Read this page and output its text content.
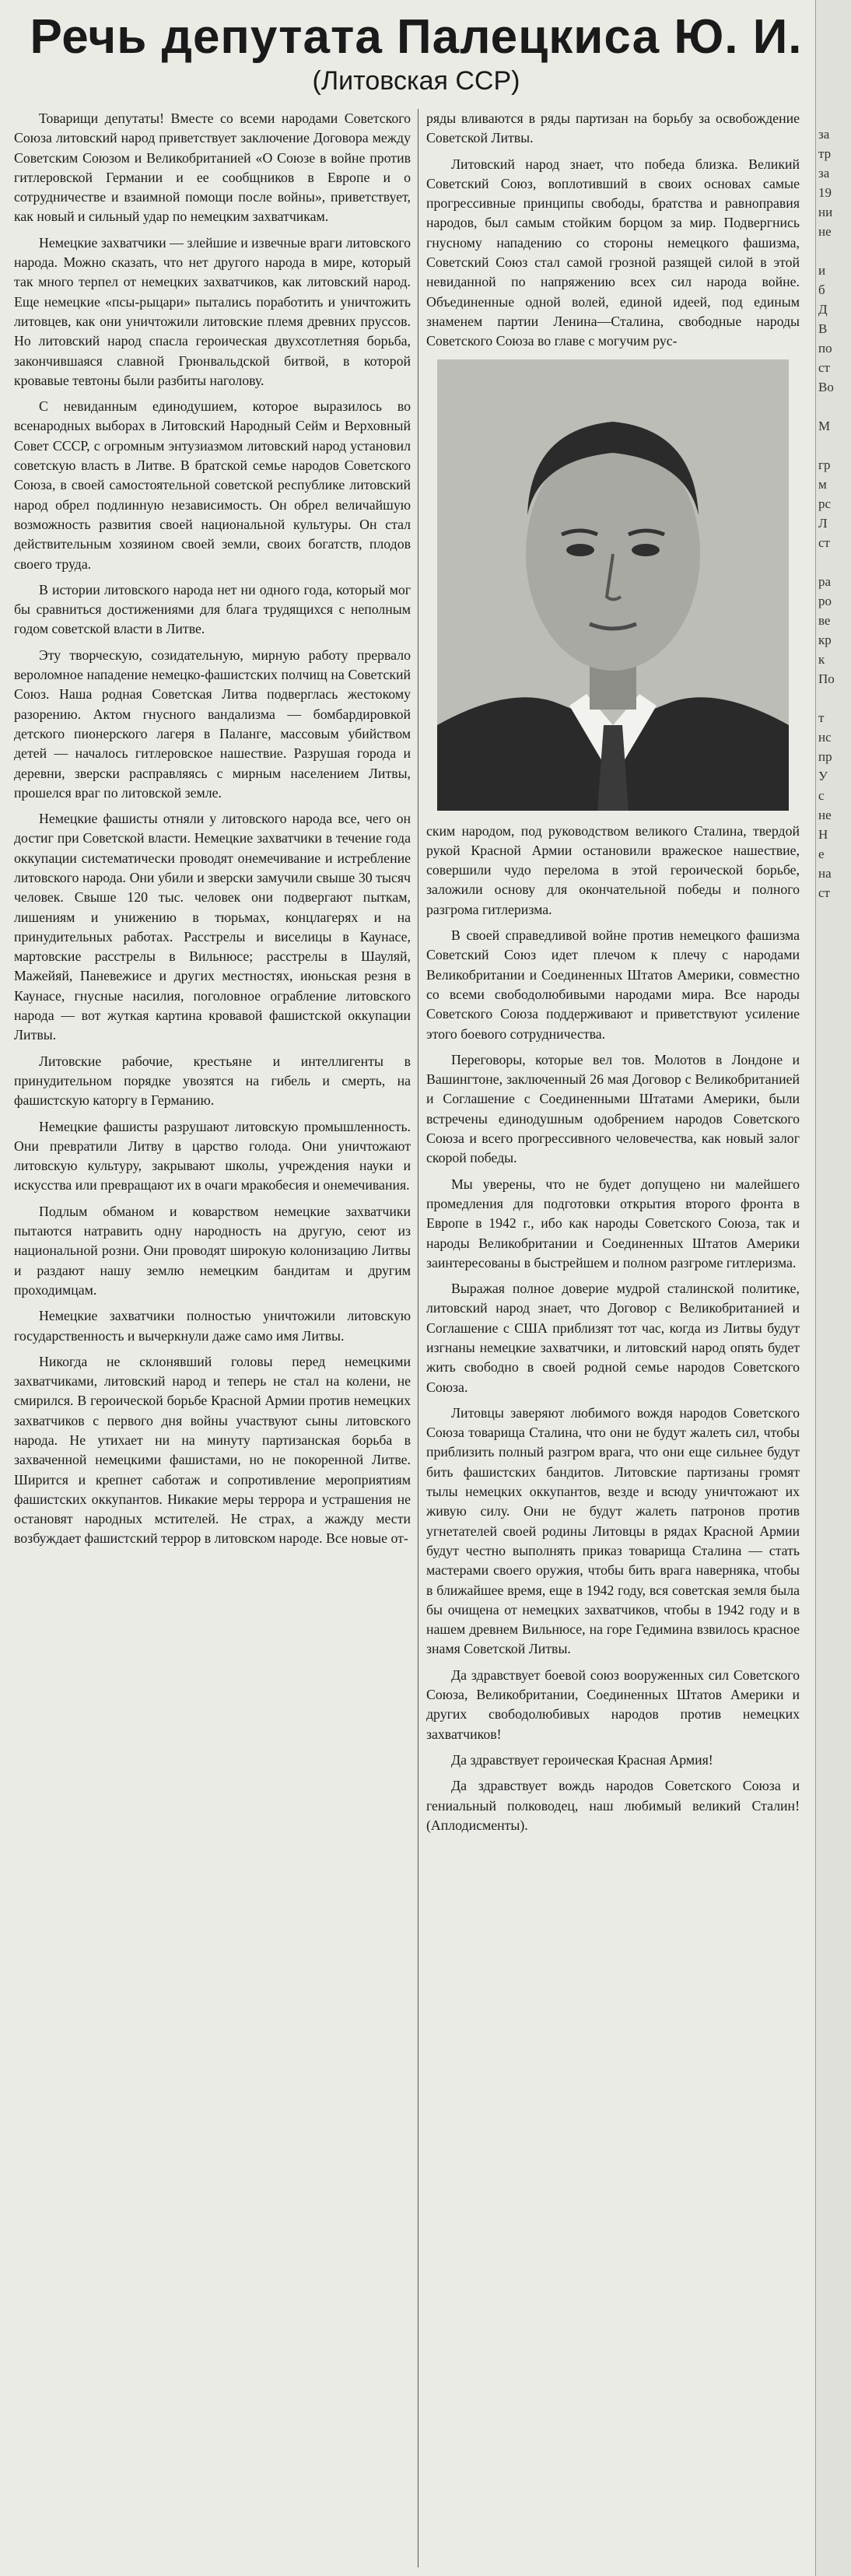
Речь депутата Палецкиса Ю. И.
(Литовская ССР)

Товарищи депутаты! Вместе со всеми народами Советского Союза литовский народ приветствует заключение Договора между Советским Союзом и Великобританией «О Союзе в войне против гитлеровской Германии и ее сообщников в Европе и о сотрудничестве и взаимной помощи после войны», приветствует, как новый и сильный удар по немецким захватчикам.

Немецкие захватчики — злейшие и извечные враги литовского народа. Можно сказать, что нет другого народа в мире, который так много терпел от немецких захватчиков, как литовский народ. Еще немецкие «псы-рыцари» пытались поработить и уничтожить литовцев, как они уничтожили литовские племя древних пруссов. Но литовский народ спасла героическая двухсотлетняя борьба, закончившаяся славной Грюнвальдской битвой, в которой кровавые тевтоны были разбиты наголову.

С невиданным единодушием, которое выразилось во всенародных выборах в Литовский Народный Сейм и Верховный Совет СССР, с огромным энтузиазмом литовский народ установил советскую власть в Литве. В братской семье народов Советского Союза, в своей самостоятельной советской республике литовский народ обрел подлинную независимость. Он обрел величайшую возможность развития своей национальной культуры. Он стал действительным хозяином своей земли, своих богатств, плодов своего труда.

В истории литовского народа нет ни одного года, который мог бы сравниться достижениями для блага трудящихся с неполным годом советской власти в Литве.

Эту творческую, созидательную, мирную работу прервало вероломное нападение немецко-фашистских полчищ на Советский Союз. Наша родная Советская Литва подверглась жестокому разорению. Актом гнусного вандализма — бомбардировкой детского пионерского лагеря в Паланге, массовым убийством детей — началось гитлеровское нашествие. Разрушая города и деревни, зверски расправляясь с мирным населением Литвы, прошелся враг по литовской земле.

Немецкие фашисты отняли у литовского народа все, чего он достиг при Советской власти. Немецкие захватчики в течение года оккупации систематически проводят онемечивание и истребление литовского народа. Они убили и зверски замучили свыше 30 тысяч человек. Свыше 120 тыс. человек они подвергают пыткам, лишениям и унижению в тюрьмах, концлагерях и на принудительных работах. Расстрелы и виселицы в Каунасе, мартовские расстрелы в Вильнюсе; расстрелы в Шауляй, Мажейяй, Паневежисе и других местностях, июньская резня в Каунасе, гнусные насилия, поголовное ограбление литовского народа — вот жуткая картина кровавой фашистской оккупации Литвы.

Литовские рабочие, крестьяне и интеллигенты в принудительном порядке увозятся на гибель и смерть, на фашистскую каторгу в Германию.

Немецкие фашисты разрушают литовскую промышленность. Они превратили Литву в царство голода. Они уничтожают литовскую культуру, закрывают школы, учреждения науки и искусства или превращают их в очаги мракобесия и онемечивания.

Подлым обманом и коварством немецкие захватчики пытаются натравить одну народность на другую, сеют из национальной розни. Они проводят широкую колонизацию Литвы и раздают нашу землю немецким бандитам и другим проходимцам.

Немецкие захватчики полностью уничтожили литовскую государственность и вычеркнули даже само имя Литвы.

Никогда не склонявший головы перед немецкими захватчиками, литовский народ и теперь не стал на колени, не смирился. В героической борьбе Красной Армии против немецких захватчиков с первого дня войны участвуют сыны литовского народа. Не утихает ни на минуту партизанская борьба в захваченной немецкими фашистами, но не покоренной Литве. Ширится и крепнет саботаж и сопротивление мероприятиям фашистских оккупантов. Никакие меры террора и устрашения не остановят народных мстителей. Не страх, а жажду мести возбуждает фашистский террор в литовском народе. Все новые от-

ряды вливаются в ряды партизан на борьбу за освобождение Советской Литвы.

Литовский народ знает, что победа близка. Великий Советский Союз, воплотивший в своих основах самые прогрессивные принципы свободы, братства и равноправия народов, был самым стойким борцом за мир. Подвергнись гнусному нападению со стороны немецкого фашизма, Советский Союз стал самой грозной разящей силой в этой невиданной по напряжению всех сил народа войне. Объединенные одной волей, единой идеей, под единым знаменем партии Ленина—Сталина, свободные народы Советского Союза во главе с могучим рус-

ским народом, под руководством великого Сталина, твердой рукой Красной Армии остановили вражеское нашествие, совершили чудо перелома в этой героической борьбе, заложили основу для окончательной победы и полного разгрома гитлеризма.

В своей справедливой войне против немецкого фашизма Советский Союз идет плечом к плечу с народами Великобритании и Соединенных Штатов Америки, совместно со всеми свободолюбивыми народами мира. Все народы Советского Союза поддерживают и приветствуют усиление этого боевого сотрудничества.

Переговоры, которые вел тов. Молотов в Лондоне и Вашингтоне, заключенный 26 мая Договор с Великобританией и Соглашение с Соединенными Штатами Америки, были встречены единодушным одобрением народов Советского Союза и всего прогрессивного человечества, как новый залог скорой победы.

Мы уверены, что не будет допущено ни малейшего промедления для подготовки открытия второго фронта в Европе в 1942 г., ибо как народы Советского Союза, так и народы Великобритании и Соединенных Штатов Америки заинтересованы в быстрейшем и полном разгроме гитлеризма.

Выражая полное доверие мудрой сталинской политике, литовский народ знает, что Договор с Великобританией и Соглашение с США приблизят тот час, когда из Литвы будут изгнаны немецкие захватчики, и литовский народ опять будет жить свободно в своей родной семье народов Советского Союза.

Литовцы заверяют любимого вождя народов Советского Союза товарища Сталина, что они не будут жалеть сил, чтобы приблизить полный разгром врага, что они еще сильнее будут бить фашистских бандитов. Литовские партизаны громят тылы немецких оккупантов, везде и всюду уничтожают их живую силу. Они не будут жалеть патронов против угнетателей своей родины Литовцы в рядах Красной Армии будут честно выполнять приказ товарища Сталина — стать мастерами своего оружия, чтобы бить врага наверняка, чтобы в ближайшее время, еще в 1942 году, вся советская земля была бы очищена от немецких захватчиков, чтобы в 1942 году и в нашем древнем Вильнюсе, на горе Гедимина взвилось красное знамя Советской Литвы.

Да здравствует боевой союз вооруженных сил Советского Союза, Великобритании, Соединенных Штатов Америки и других свободолюбивых народов против немецких захватчиков!

Да здравствует героическая Красная Армия!

Да здравствует вождь народов Советского Союза и гениальный полководец, наш любимый великий Сталин! (Аплодисменты).

за
тр
за
19
ни
не

и
б
Д
В
по
ст
Во

М

гр
м
рс
Л
ст

ра
ро
ве
кр
к
По

т
нс
пр
У
с
не
Н
е
на
ст
